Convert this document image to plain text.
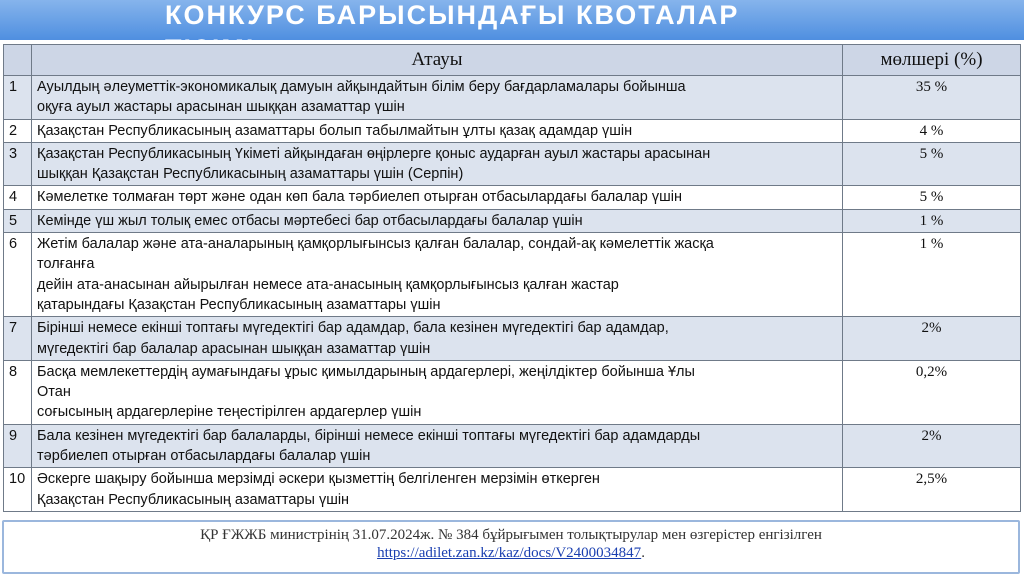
КОНКУРС БАРЫСЫНДАҒЫ КВОТАЛАР
	Атауы	мөлшері (%)
1	Ауылдың әлеуметтік-экономикалық дамуын айқындайтын білім беру бағдарламалары бойынша
оқуға ауыл жастары арасынан шыққан азаматтар үшін	35 %
2	Қазақстан Республикасының азаматтары болып табылмайтын ұлты қазақ адамдар үшін	4 %
3	Қазақстан Республикасының Үкіметі айқындаған өңірлерге қоныс аударған ауыл жастары арасынан
шыққан Қазақстан Республикасының азаматтары үшін (Серпін)	5 %
4	Кәмелетке толмаған төрт және одан көп бала тәрбиелеп отырған отбасылардағы балалар үшін	5 %
5	Кемінде үш жыл толық емес отбасы мәртебесі бар отбасылардағы балалар үшін	1 %
6	Жетім балалар және ата-аналарының қамқорлығынсыз қалған балалар, сондай-ақ кәмелеттік жасқа
толғанға
дейін ата-анасынан айырылған немесе ата-анасының қамқорлығынсыз қалған жастар
қатарындағы Қазақстан Республикасының азаматтары үшін	1 %
7	Бірінші немесе екінші топтағы мүгедектігі бар адамдар, бала кезінен мүгедектігі бар адамдар,
мүгедектігі бар балалар арасынан шыққан азаматтар үшін	2%
8	Басқа мемлекеттердің аумағындағы ұрыс қимылдарының ардагерлері, жеңілдіктер бойынша Ұлы
Отан
соғысының ардагерлеріне теңестірілген ардагерлер үшін	0,2%
9	Бала кезінен мүгедектігі бар балаларды, бірінші немесе екінші топтағы мүгедектігі бар адамдарды
тәрбиелеп отырған отбасылардағы балалар үшін	2%
10	Әскерге шақыру бойынша мерзімді әскери қызметтің белгіленген мерзімін өткерген
Қазақстан Республикасының азаматтары үшін	2,5%
ҚР ҒЖЖБ министрінің 31.07.2024ж. № 384 бұйрығымен толықтырулар мен өзгерістер енгізілген
https://adilet.zan.kz/kaz/docs/V2400034847.
